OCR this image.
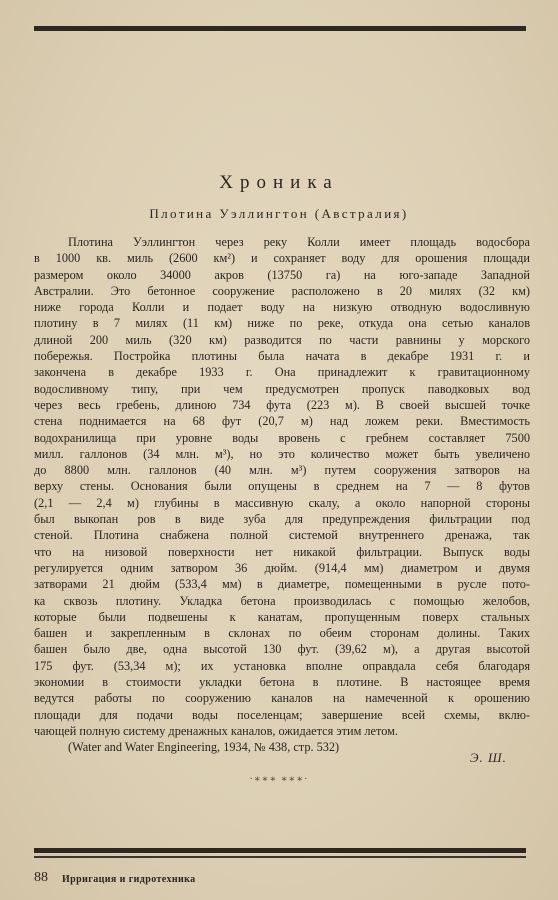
Хроника
Плотина Уэллингтон (Австралия)
Плотина Уэллингтон через реку Колли имеет площадь водосбора
в 1000 кв. миль (2600 км²) и сохраняет воду для орошения площади
размером около 34000 акров (13750 га) на юго-западе Западной
Австралии. Это бетонное сооружение расположено в 20 милях (32 км)
ниже города Колли и подает воду на низкую отводную водосливную
плотину в 7 милях (11 км) ниже по реке, откуда она сетью каналов
длиной 200 миль (320 км) разводится по части равнины у морского
побережья. Постройка плотины была начата в декабре 1931 г. и
закончена в декабре 1933 г. Она принадлежит к гравитационному
водосливному типу, при чем предусмотрен пропуск паводковых вод
через весь гребень, длиною 734 фута (223 м). В своей высшей точке
стена поднимается на 68 фут (20,7 м) над ложем реки. Вместимость
водохранилища при уровне воды вровень с гребнем составляет 7500
милл. галлонов (34 млн. м³), но это количество может быть увеличено
до 8800 млн. галлонов (40 млн. м³) путем сооружения затворов на
верху стены. Основания были опущены в среднем на 7 — 8 футов
(2,1 — 2,4 м) глубины в массивную скалу, а около напорной стороны
был выкопан ров в виде зуба для предупреждения фильтрации под
стеной. Плотина снабжена полной системой внутреннего дренажа, так
что на низовой поверхности нет никакой фильтрации. Выпуск воды
регулируется одним затвором 36 дюйм. (914,4 мм) диаметром и двумя
затворами 21 дюйм (533,4 мм) в диаметре, помещенными в русле пото-
ка сквозь плотину. Укладка бетона производилась с помощью желобов,
которые были подвешены к канатам, пропущенным поверх стальных
башен и закрепленным в склонах по обеим сторонам долины. Таких
башен было две, одна высотой 130 фут. (39,62 м), а другая высотой
175 фут. (53,34 м); их установка вполне оправдала себя благодаря
экономии в стоимости укладки бетона в плотине. В настоящее время
ведутся работы по сооружению каналов на намеченной к орошению
площади для подачи воды поселенцам; завершение всей схемы, вклю-
чающей полную систему дренажных каналов, ожидается этим летом.
(Water and Water Engineering, 1934, № 438, стр. 532)
Э. Ш.
·∗∗∗ ∗∗∗·
88 Ирригация и гидротехника
